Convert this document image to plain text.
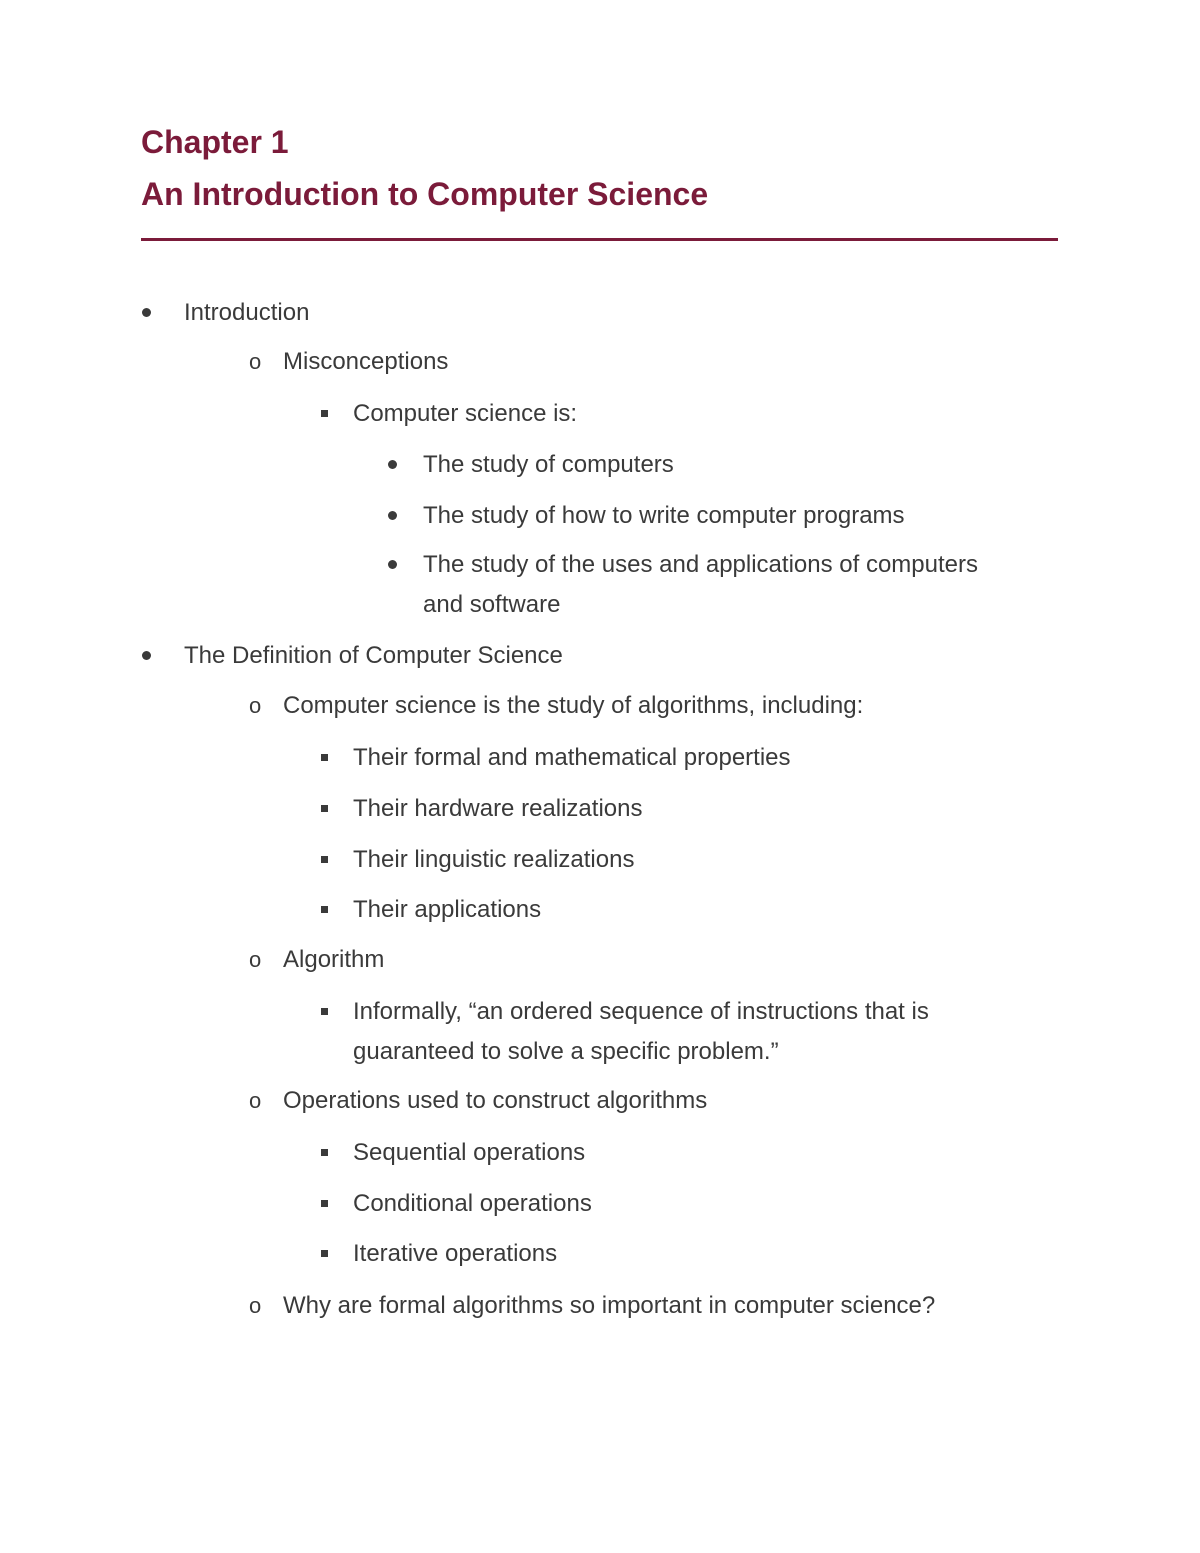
Chapter 1
An Introduction to Computer Science
Introduction
o Misconceptions
Computer science is:
The study of computers
The study of how to write computer programs
The study of the uses and applications of computers
and software
The Definition of Computer Science
o Computer science is the study of algorithms, including:
Their formal and mathematical properties
Their hardware realizations
Their linguistic realizations
Their applications
o Algorithm
Informally, “an ordered sequence of instructions that is
guaranteed to solve a specific problem.”
o Operations used to construct algorithms
Sequential operations
Conditional operations
Iterative operations
o Why are formal algorithms so important in computer science?
